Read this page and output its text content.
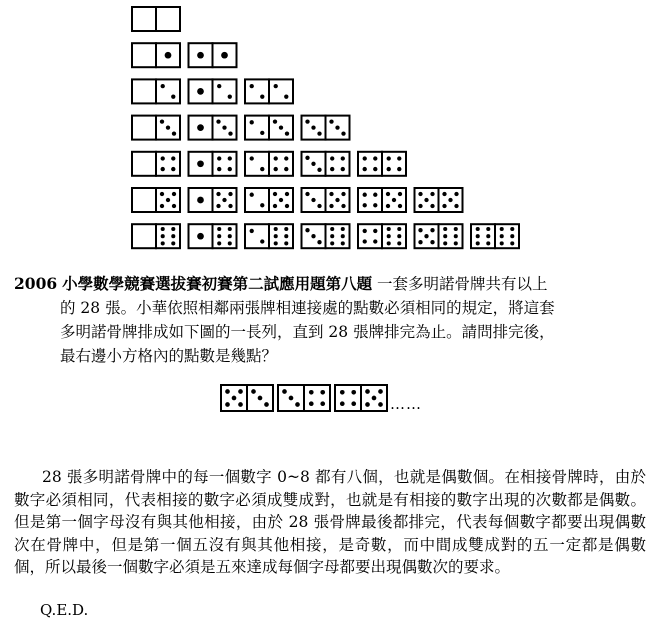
2006 小學數學競賽選拔賽初賽第二試應用題第八題 一套多明諾骨牌共有以上
的 28 張。小華依照相鄰兩張牌相連接處的點數必須相同的規定，將這套
多明諾骨牌排成如下圖的一長列，直到 28 張牌排完為止。請問排完後，
最右邊小方格內的點數是幾點？
……
28 張多明諾骨牌中的每一個數字 0~8 都有八個，也就是偶數個。在相接骨牌時，由於數字必須相同，代表相接的數字必須成雙成對，也就是有相接的數字出現的次數都是偶數。但是第一個字母沒有與其他相接，由於 28 張骨牌最後都排完，代表每個數字都要出現偶數次在骨牌中，但是第一個五沒有與其他相接，是奇數，而中間成雙成對的五一定都是偶數個，所以最後一個數字必須是五來達成每個字母都要出現偶數次的要求。
Q.E.D.
